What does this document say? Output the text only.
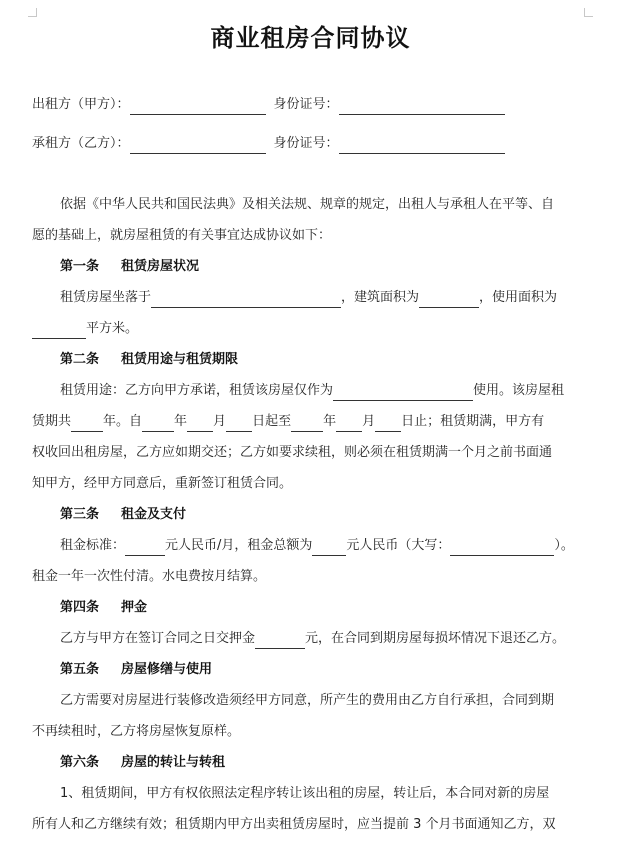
商业租房合同协议
出租方（甲方）：	身份证号：
承租方（乙方）：	身份证号：
依据《中华人民共和国民法典》及相关法规、规章的规定，出租人与承租人在平等、自
愿的基础上，就房屋租赁的有关事宜达成协议如下：
第一条 租赁房屋状况
租赁房屋坐落于	，建筑面积为	，使用面积为
平方米。
第二条 租赁用途与租赁期限
租赁用途：乙方向甲方承诺，租赁该房屋仅作为	使用。该房屋租
赁期共 年。自 年 月 日起至 年 月 日止；租赁期满，甲方有
权收回出租房屋，乙方应如期交还；乙方如要求续租，则必须在租赁期满一个月之前书面通
知甲方，经甲方同意后，重新签订租赁合同。
第三条 租金及支付
租金标准：	元人民币/月，租金总额为	元人民币（大写：	）。
租金一年一次性付清。水电费按月结算。
第四条 押金
乙方与甲方在签订合同之日交押金	元，在合同到期房屋每损坏情况下退还乙方。
第五条 房屋修缮与使用
乙方需要对房屋进行装修改造须经甲方同意，所产生的费用由乙方自行承担，合同到期
不再续租时，乙方将房屋恢复原样。
第六条 房屋的转让与转租
1、租赁期间，甲方有权依照法定程序转让该出租的房屋，转让后，本合同对新的房屋
所有人和乙方继续有效；租赁期内甲方出卖租赁房屋时，应当提前 3 个月书面通知乙方，双
